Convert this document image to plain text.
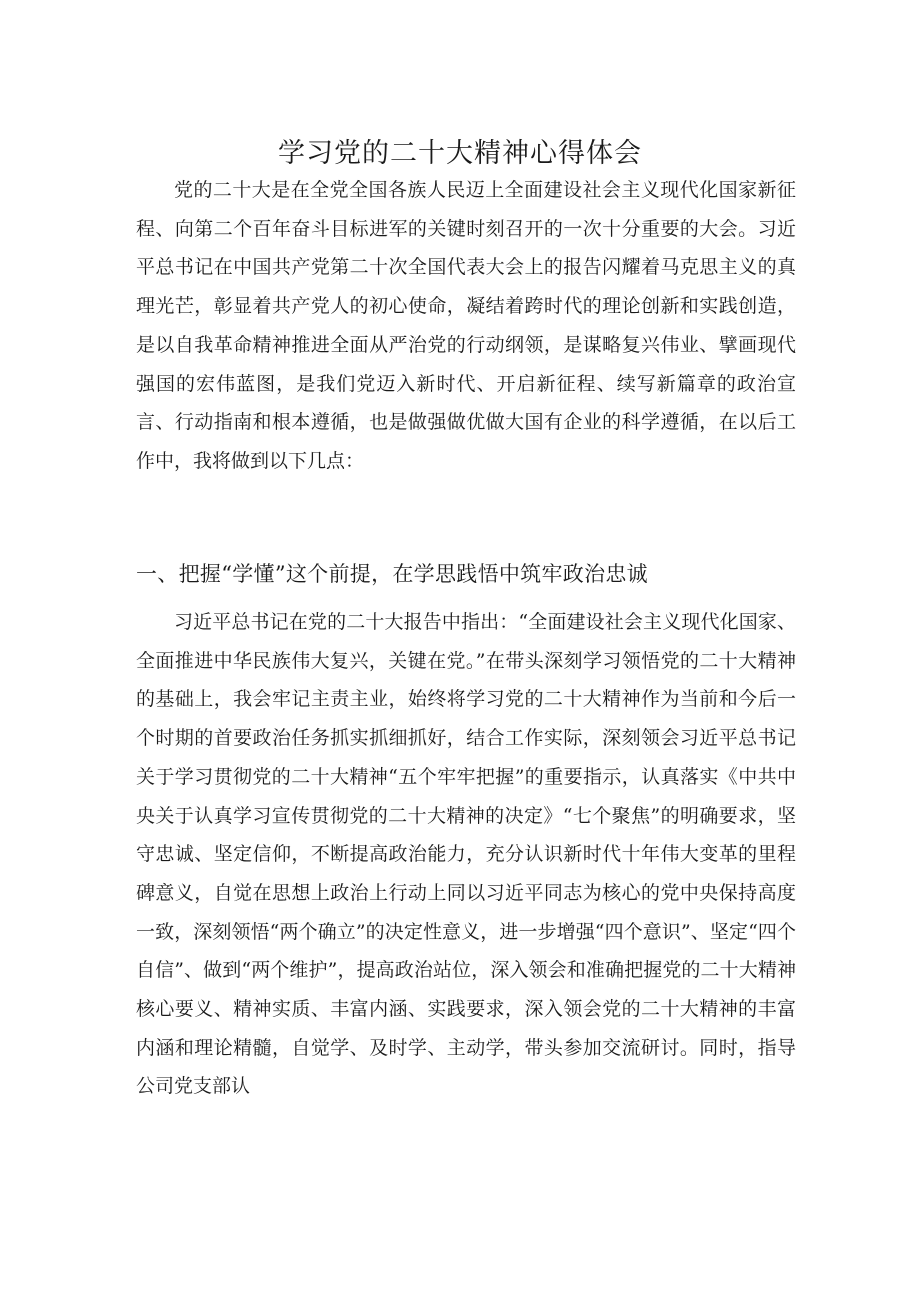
学习党的二十大精神心得体会

党的二十大是在全党全国各族人民迈上全面建设社会主义现代化国家新征程、向第二个百年奋斗目标进军的关键时刻召开的一次十分重要的大会。习近平总书记在中国共产党第二十次全国代表大会上的报告闪耀着马克思主义的真理光芒，彰显着共产党人的初心使命，凝结着跨时代的理论创新和实践创造，是以自我革命精神推进全面从严治党的行动纲领，是谋略复兴伟业、擘画现代强国的宏伟蓝图，是我们党迈入新时代、开启新征程、续写新篇章的政治宣言、行动指南和根本遵循，也是做强做优做大国有企业的科学遵循，在以后工作中，我将做到以下几点：

一、把握“学懂”这个前提，在学思践悟中筑牢政治忠诚

习近平总书记在党的二十大报告中指出：“全面建设社会主义现代化国家、全面推进中华民族伟大复兴，关键在党。”在带头深刻学习领悟党的二十大精神的基础上，我会牢记主责主业，始终将学习党的二十大精神作为当前和今后一个时期的首要政治任务抓实抓细抓好，结合工作实际，深刻领会习近平总书记关于学习贯彻党的二十大精神“五个牢牢把握”的重要指示，认真落实《中共中央关于认真学习宣传贯彻党的二十大精神的决定》“七个聚焦”的明确要求，坚守忠诚、坚定信仰，不断提高政治能力，充分认识新时代十年伟大变革的里程碑意义，自觉在思想上政治上行动上同以习近平同志为核心的党中央保持高度一致，深刻领悟“两个确立”的决定性意义，进一步增强“四个意识”、坚定“四个自信”、做到“两个维护”，提高政治站位，深入领会和准确把握党的二十大精神核心要义、精神实质、丰富内涵、实践要求，深入领会党的二十大精神的丰富内涵和理论精髓，自觉学、及时学、主动学，带头参加交流研讨。同时，指导公司党支部认
